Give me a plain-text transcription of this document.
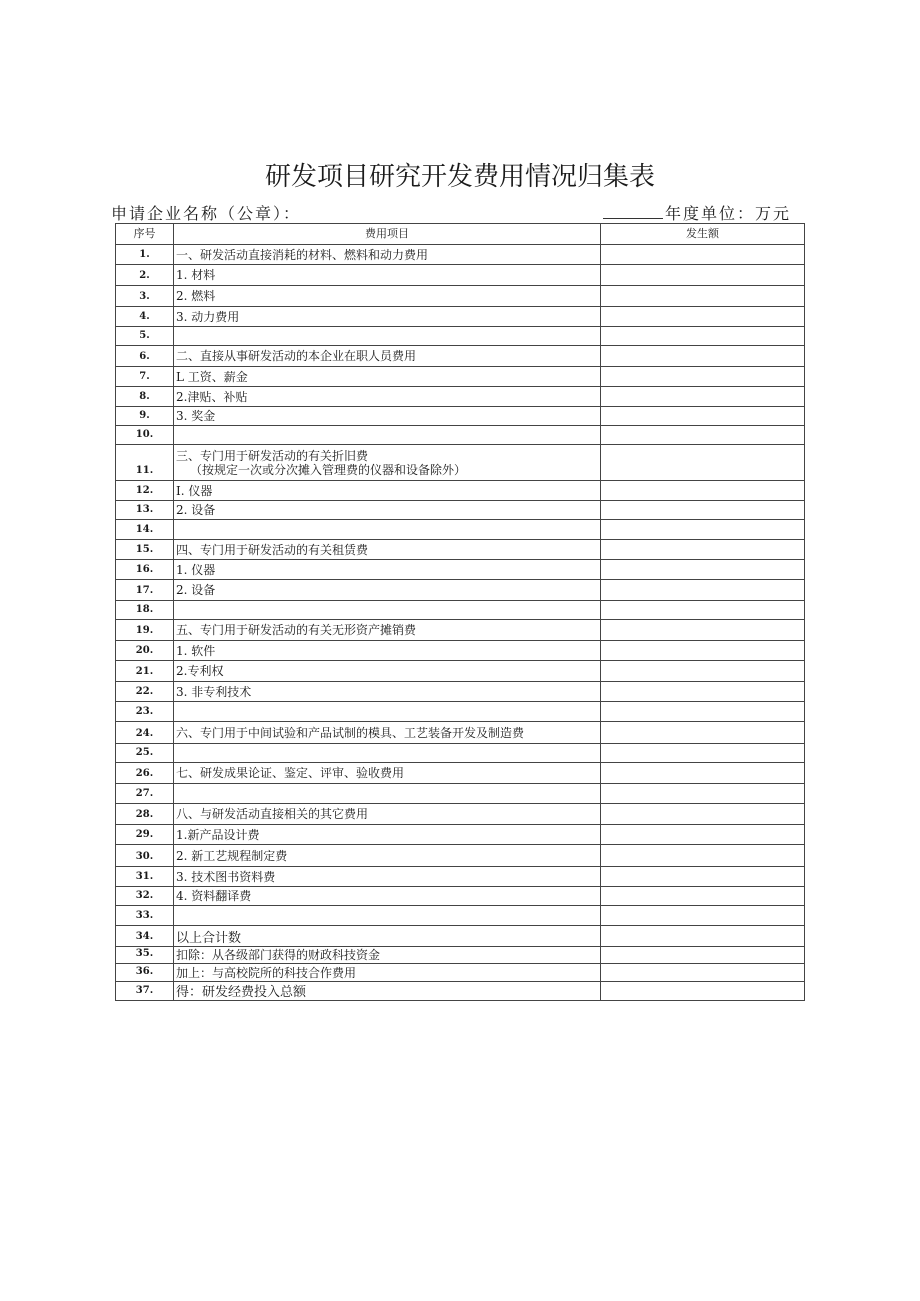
研发项目研究开发费用情况归集表
申请企业名称（公章）：	年度单位：万元
序号	费用项目	发生额
1.	一、研发活动直接消耗的材料、燃料和动力费用	
2.	1. 材料	
3.	2. 燃料	
4.	3. 动力费用	
5.		
6.	二、直接从事研发活动的本企业在职人员费用	
7.	L 工资、薪金	
8.	2.津贴、补贴	
9.	3. 奖金	
10.		
11.	三、专门用于研发活动的有关折旧费
（按规定一次或分次摊入管理费的仪器和设备除外）	

12.	I. 仪器	
13.	2. 设备	
14.		
15.	四、专门用于研发活动的有关租赁费	
16.	1. 仪器	
17.	2. 设备	
18.		
19.	五、专门用于研发活动的有关无形资产摊销费	
20.	1. 软件	
21.	2.专利权	
22.	3. 非专利技术	
23.		
24.	六、专门用于中间试验和产品试制的模具、工艺装备开发及制造费	
25.		
26.	七、研发成果论证、鉴定、评审、验收费用	
27.		
28.	八、与研发活动直接相关的其它费用	
29.	1.新产品设计费	
30.	2. 新工艺规程制定费	
31.	3. 技术图书资料费	
32.	4. 资料翻译费	
33.		
34.	以上合计数	
35.	扣除：从各级部门获得的财政科技资金	
36.	加上：与高校院所的科技合作费用	
37.	得：研发经费投入总额	
